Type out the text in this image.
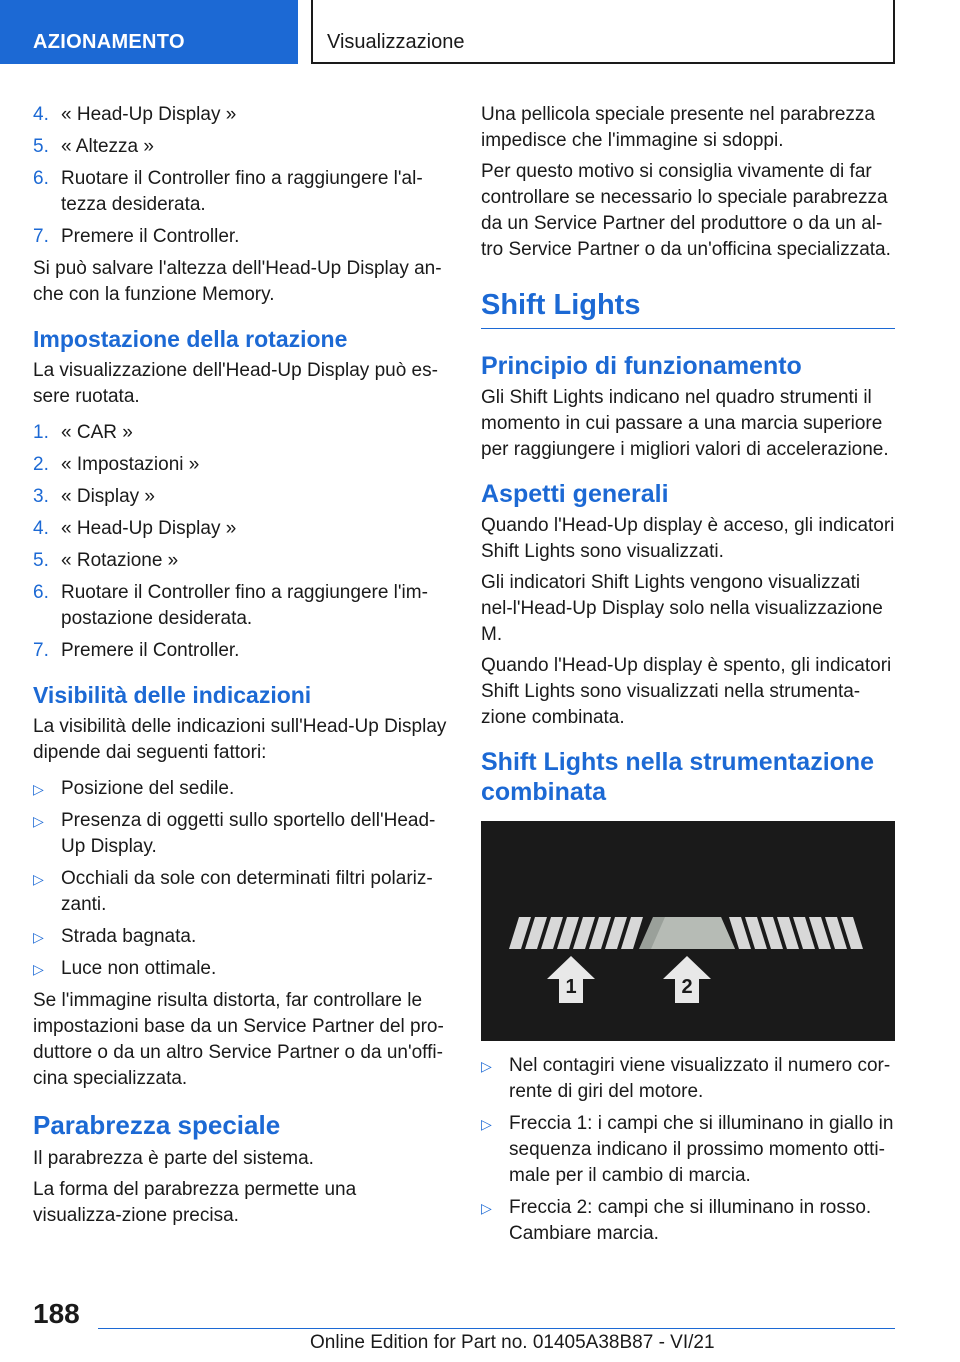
AZIONAMENTO	Visualizzazione
4. « Head-Up Display »
5. « Altezza »
6. Ruotare il Controller fino a raggiungere l'al-tezza desiderata.
7. Premere il Controller.

Si può salvare l'altezza dell'Head-Up Display an-che con la funzione Memory.

Impostazione della rotazione

La visualizzazione dell'Head-Up Display può es-sere ruotata.

1. « CAR »
2. « Impostazioni »
3. « Display »
4. « Head-Up Display »
5. « Rotazione »
6. Ruotare il Controller fino a raggiungere l'im-postazione desiderata.
7. Premere il Controller.
Visibilità delle indicazioni

La visibilità delle indicazioni sull'Head-Up Display dipende dai seguenti fattori:

▷ Posizione del sedile.
▷ Presenza di oggetti sullo sportello dell'Head-Up Display.
▷ Occhiali da sole con determinati filtri polariz-zanti.
▷ Strada bagnata.
▷ Luce non ottimale.

Se l'immagine risulta distorta, far controllare le impostazioni base da un Service Partner del pro-duttore o da un altro Service Partner o da un'offi-cina specializzata.

Parabrezza speciale

Il parabrezza è parte del sistema.

La forma del parabrezza permette una visualizza-zione precisa.

Una pellicola speciale presente nel parabrezza impedisce che l'immagine si sdoppi.

Per questo motivo si consiglia vivamente di far controllare se necessario lo speciale parabrezza da un Service Partner del produttore o da un al-tro Service Partner o da un'officina specializzata.

Shift Lights
Principio di funzionamento

Gli Shift Lights indicano nel quadro strumenti il momento in cui passare a una marcia superiore per raggiungere i migliori valori di accelerazione.

Aspetti generali

Quando l'Head-Up display è acceso, gli indicatori Shift Lights sono visualizzati.

Gli indicatori Shift Lights vengono visualizzati nel-l'Head-Up Display solo nella visualizzazione M.

Quando l'Head-Up display è spento, gli indicatori Shift Lights sono visualizzati nella strumenta-zione combinata.

Shift Lights nella strumentazione combinata
1	2
▷ Nel contagiri viene visualizzato il numero cor-rente di giri del motore.
▷ Freccia 1: i campi che si illuminano in giallo in sequenza indicano il prossimo momento otti-male per il cambio di marcia.
▷ Freccia 2: campi che si illuminano in rosso. Cambiare marcia.
188
Online Edition for Part no. 01405A38B87 - VI/21
